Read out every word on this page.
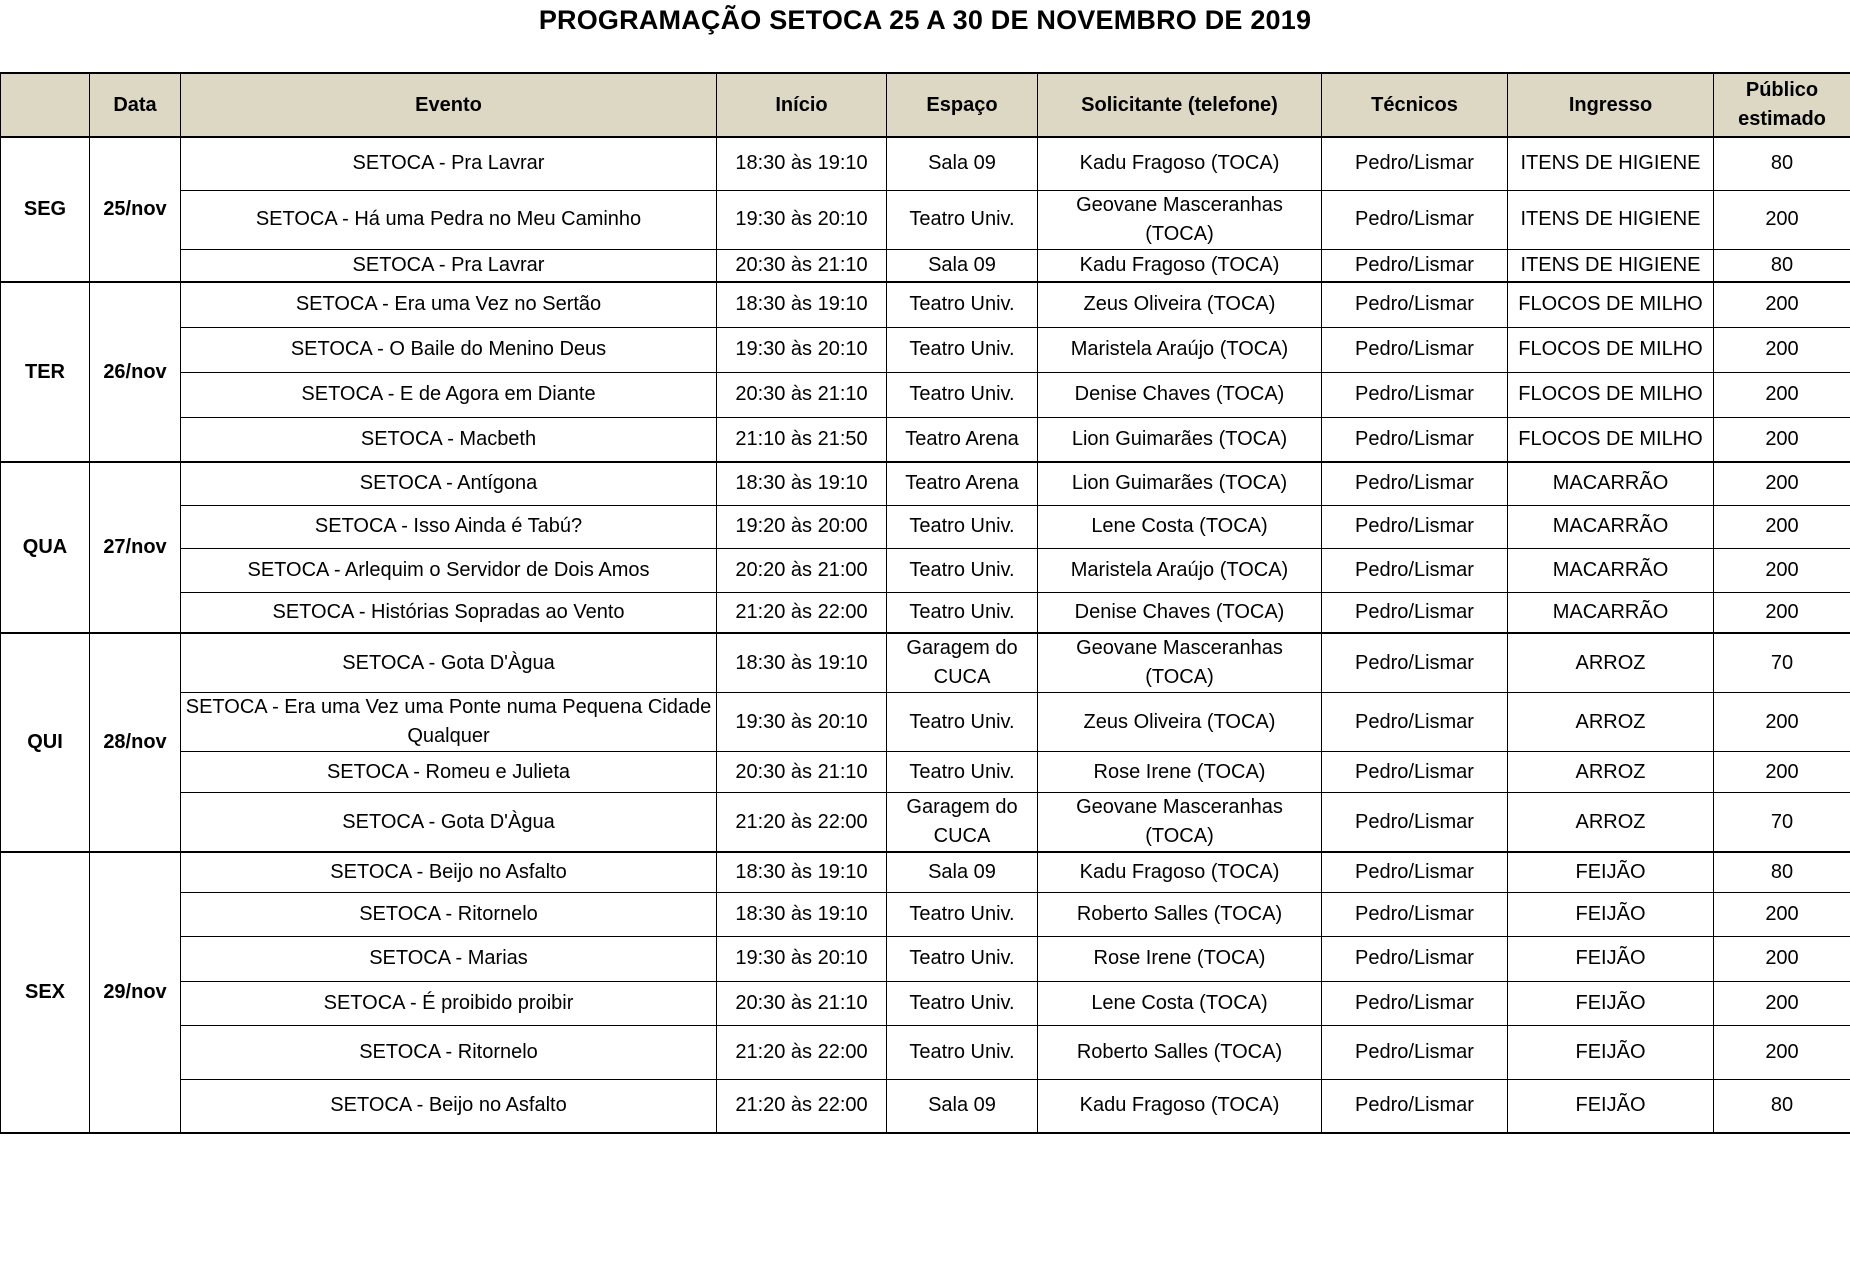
PROGRAMAÇÃO SETOCA 25 A 30 DE NOVEMBRO DE 2019
	Data	Evento	Início	Espaço	Solicitante (telefone)	Técnicos	Ingresso	Público estimado
SEG	25/nov	SETOCA - Pra Lavrar	18:30 às 19:10	Sala 09	Kadu Fragoso (TOCA)	Pedro/Lismar	ITENS DE HIGIENE	80
		SETOCA - Há uma Pedra no Meu Caminho	19:30 às 20:10	Teatro Univ.	Geovane Masceranhas (TOCA)	Pedro/Lismar	ITENS DE HIGIENE	200
		SETOCA - Pra Lavrar	20:30 às 21:10	Sala 09	Kadu Fragoso (TOCA)	Pedro/Lismar	ITENS DE HIGIENE	80
TER	26/nov	SETOCA - Era uma Vez no Sertão	18:30 às 19:10	Teatro Univ.	Zeus Oliveira (TOCA)	Pedro/Lismar	FLOCOS DE MILHO	200
		SETOCA - O Baile do Menino Deus	19:30 às 20:10	Teatro Univ.	Maristela Araújo (TOCA)	Pedro/Lismar	FLOCOS DE MILHO	200
		SETOCA - E de Agora em Diante	20:30 às 21:10	Teatro Univ.	Denise Chaves (TOCA)	Pedro/Lismar	FLOCOS DE MILHO	200
		SETOCA - Macbeth	21:10 às 21:50	Teatro Arena	Lion Guimarães (TOCA)	Pedro/Lismar	FLOCOS DE MILHO	200
QUA	27/nov	SETOCA - Antígona	18:30 às 19:10	Teatro Arena	Lion Guimarães (TOCA)	Pedro/Lismar	MACARRÃO	200
		SETOCA - Isso Ainda é Tabú?	19:20 às 20:00	Teatro Univ.	Lene Costa (TOCA)	Pedro/Lismar	MACARRÃO	200
		SETOCA - Arlequim o Servidor de Dois Amos	20:20 às 21:00	Teatro Univ.	Maristela Araújo (TOCA)	Pedro/Lismar	MACARRÃO	200
		SETOCA - Histórias Sopradas ao Vento	21:20 às 22:00	Teatro Univ.	Denise Chaves (TOCA)	Pedro/Lismar	MACARRÃO	200
QUI	28/nov	SETOCA - Gota D'Àgua	18:30 às 19:10	Garagem do CUCA	Geovane Masceranhas (TOCA)	Pedro/Lismar	ARROZ	70
		SETOCA - Era uma Vez uma Ponte numa Pequena Cidade Qualquer	19:30 às 20:10	Teatro Univ.	Zeus Oliveira (TOCA)	Pedro/Lismar	ARROZ	200
		SETOCA - Romeu e Julieta	20:30 às 21:10	Teatro Univ.	Rose Irene (TOCA)	Pedro/Lismar	ARROZ	200
		SETOCA - Gota D'Àgua	21:20 às 22:00	Garagem do CUCA	Geovane Masceranhas (TOCA)	Pedro/Lismar	ARROZ	70
SEX	29/nov	SETOCA - Beijo no Asfalto	18:30 às 19:10	Sala 09	Kadu Fragoso (TOCA)	Pedro/Lismar	FEIJÃO	80
		SETOCA - Ritornelo	18:30 às 19:10	Teatro Univ.	Roberto Salles (TOCA)	Pedro/Lismar	FEIJÃO	200
		SETOCA - Marias	19:30 às 20:10	Teatro Univ.	Rose Irene (TOCA)	Pedro/Lismar	FEIJÃO	200
		SETOCA - É proibido proibir	20:30 às 21:10	Teatro Univ.	Lene Costa (TOCA)	Pedro/Lismar	FEIJÃO	200
		SETOCA - Ritornelo	21:20 às 22:00	Teatro Univ.	Roberto Salles (TOCA)	Pedro/Lismar	FEIJÃO	200
		SETOCA - Beijo no Asfalto	21:20 às 22:00	Sala 09	Kadu Fragoso (TOCA)	Pedro/Lismar	FEIJÃO	80
